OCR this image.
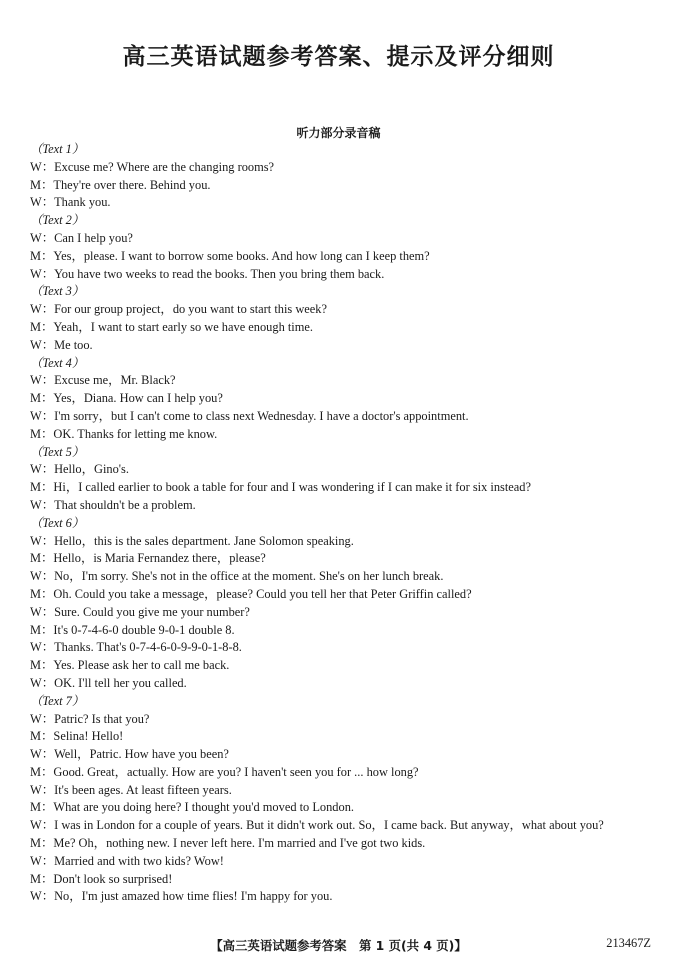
高三英语试题参考答案、提示及评分细则
听力部分录音稿
（Text 1）
W： Excuse me? Where are the changing rooms?
M： They're over there. Behind you.
W： Thank you.
（Text 2）
W： Can I help you?
M： Yes，please. I want to borrow some books. And how long can I keep them?
W： You have two weeks to read the books. Then you bring them back.
（Text 3）
W： For our group project，do you want to start this week?
M： Yeah，I want to start early so we have enough time.
W： Me too.
（Text 4）
W： Excuse me，Mr. Black?
M： Yes，Diana. How can I help you?
W： I'm sorry，but I can't come to class next Wednesday. I have a doctor's appointment.
M： OK. Thanks for letting me know.
（Text 5）
W： Hello，Gino's.
M： Hi，I called earlier to book a table for four and I was wondering if I can make it for six instead?
W： That shouldn't be a problem.
（Text 6）
W： Hello，this is the sales department. Jane Solomon speaking.
M： Hello，is Maria Fernandez there，please?
W： No，I'm sorry. She's not in the office at the moment. She's on her lunch break.
M： Oh. Could you take a message，please? Could you tell her that Peter Griffin called?
W： Sure. Could you give me your number?
M： It's 0-7-4-6-0 double 9-0-1 double 8.
W： Thanks. That's 0-7-4-6-0-9-9-0-1-8-8.
M： Yes. Please ask her to call me back.
W： OK. I'll tell her you called.
（Text 7）
W： Patric? Is that you?
M： Selina! Hello!
W： Well，Patric. How have you been?
M： Good. Great，actually. How are you? I haven't seen you for ... how long?
W： It's been ages. At least fifteen years.
M： What are you doing here? I thought you'd moved to London.
W： I was in London for a couple of years. But it didn't work out. So，I came back. But anyway，what about you?
M： Me? Oh，nothing new. I never left here. I'm married and I've got two kids.
W： Married and with two kids? Wow!
M： Don't look so surprised!
W： No，I'm just amazed how time flies! I'm happy for you.
【高三英语试题参考答案　第 1 页(共 4 页)】	213467Z
